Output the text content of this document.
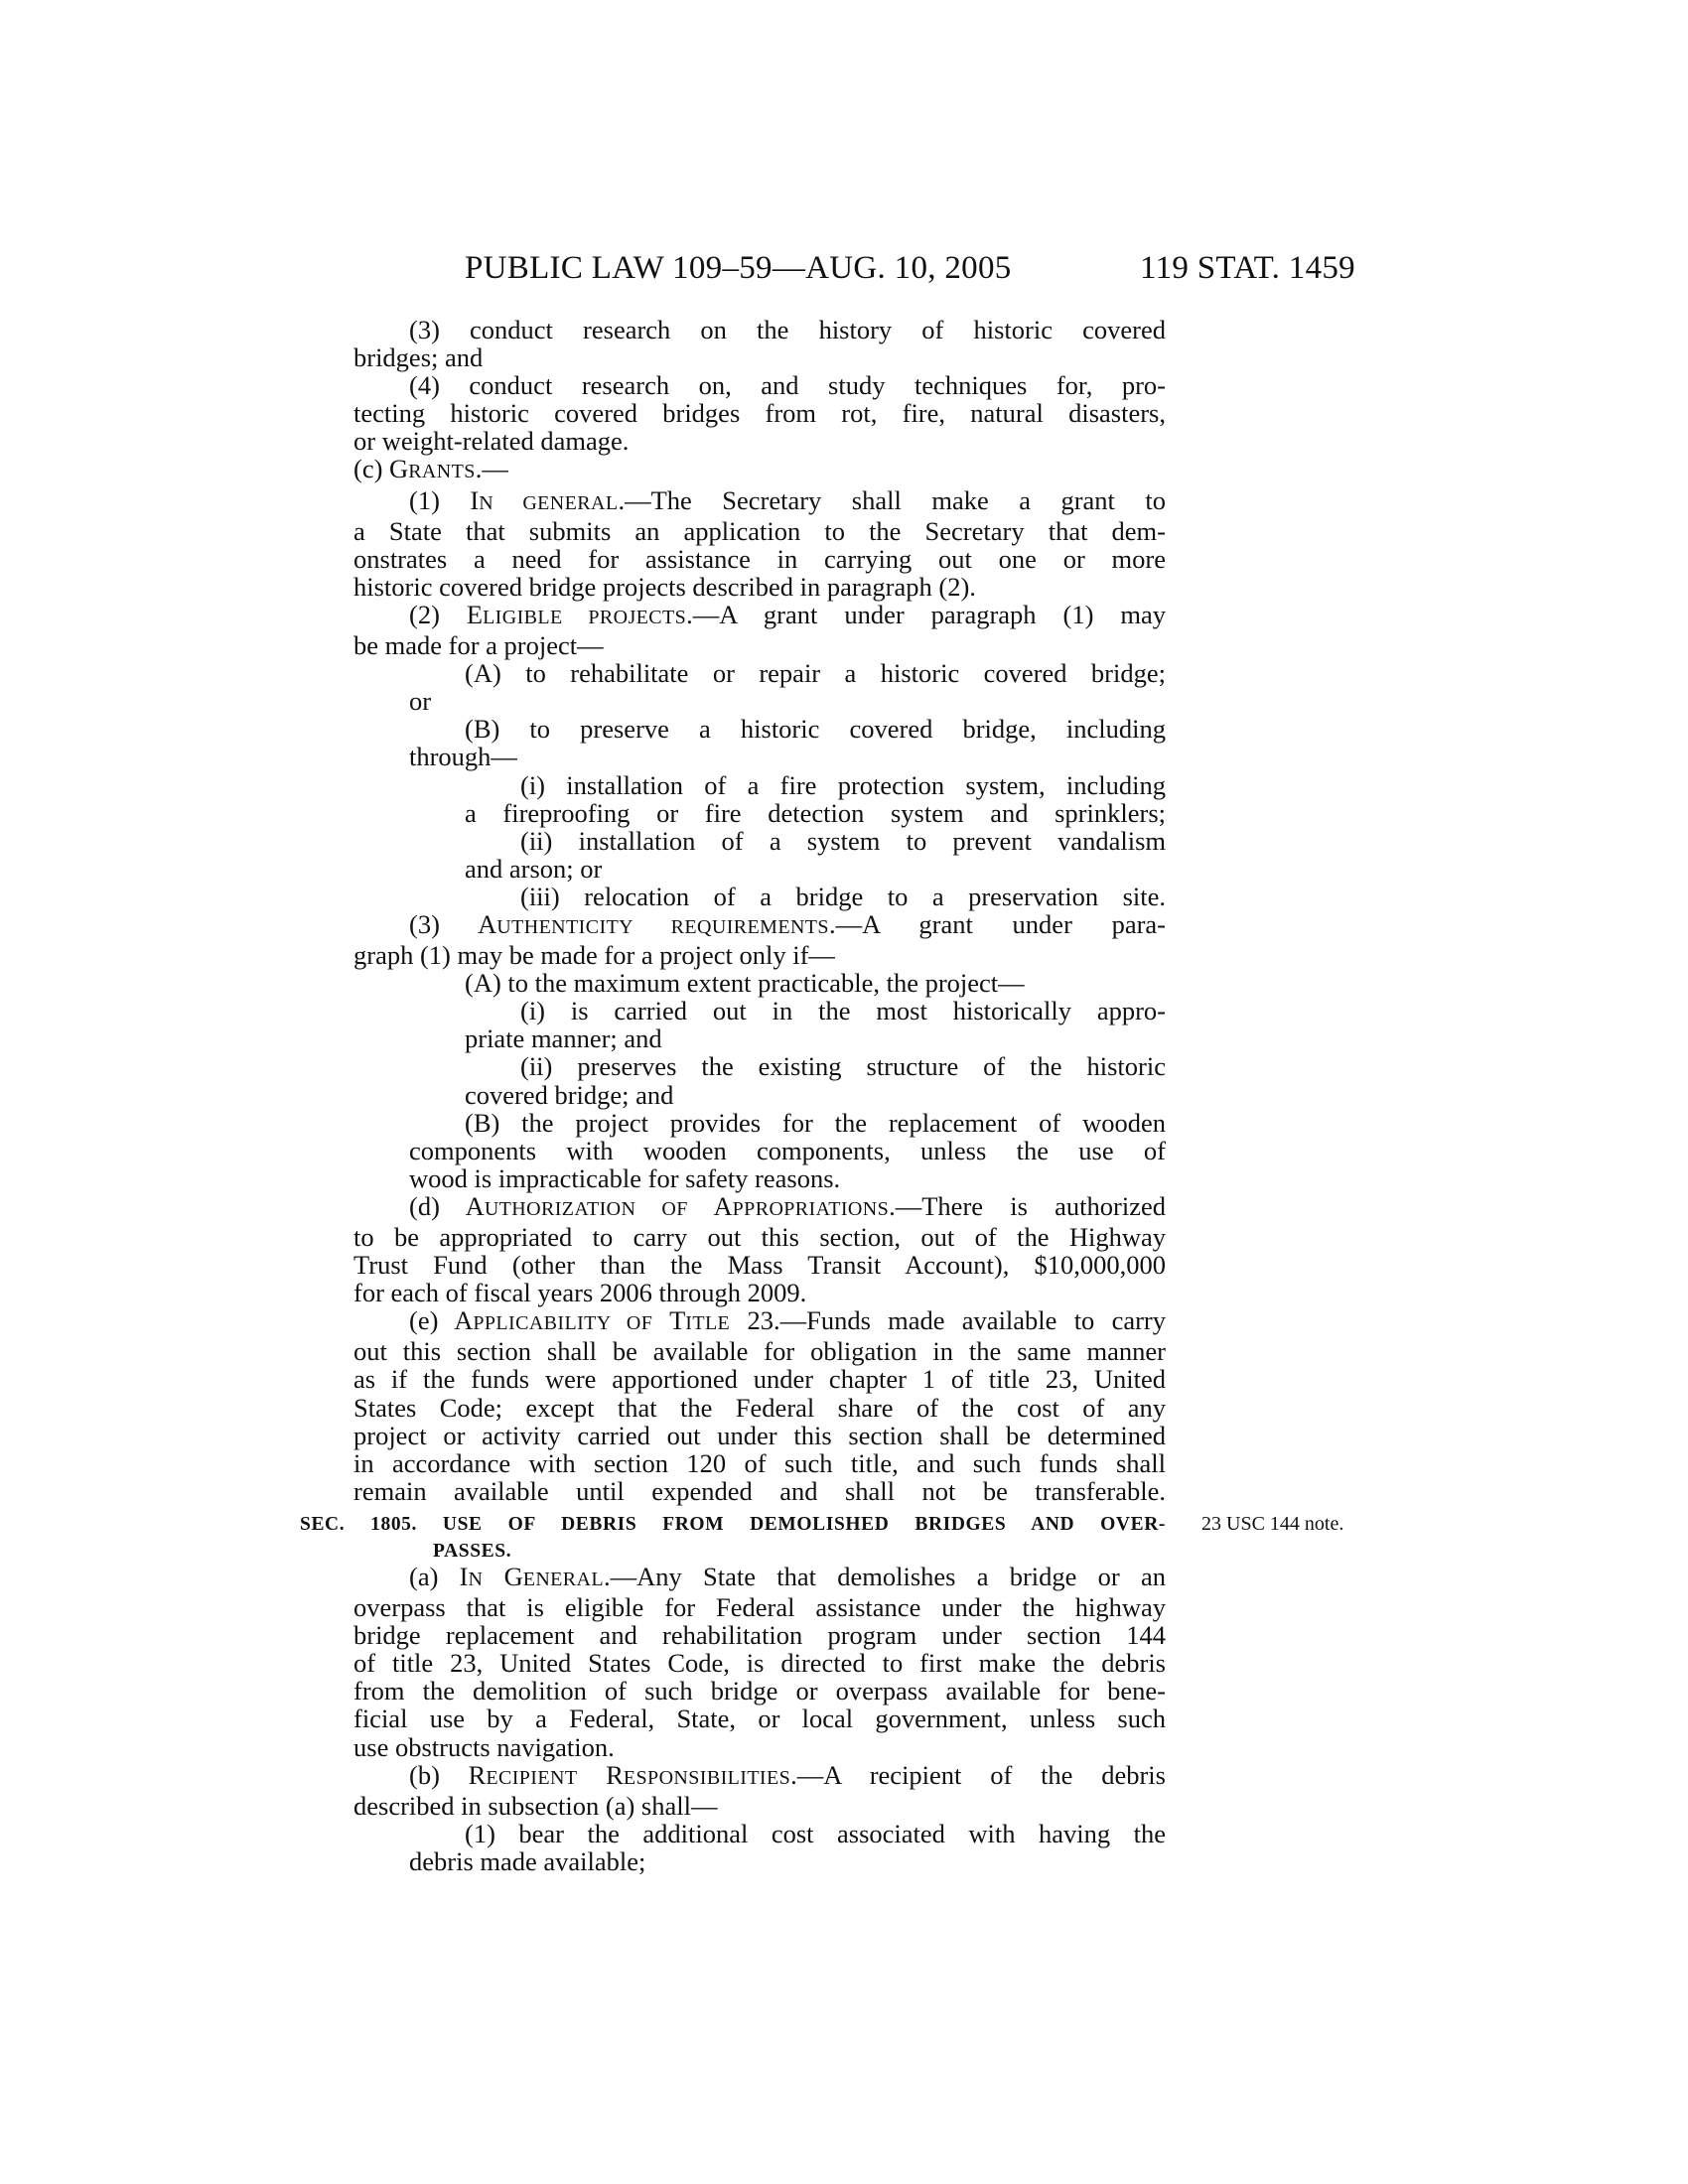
PUBLIC LAW 109–59—AUG. 10, 2005	119 STAT. 1459
(3) conduct research on the history of historic covered
bridges; and
(4) conduct research on, and study techniques for, pro-
tecting historic covered bridges from rot, fire, natural disasters,
or weight-related damage.
(c) GRANTS.—
(1) IN GENERAL.—The Secretary shall make a grant to
a State that submits an application to the Secretary that dem-
onstrates a need for assistance in carrying out one or more
historic covered bridge projects described in paragraph (2).
(2) ELIGIBLE PROJECTS.—A grant under paragraph (1) may
be made for a project—
(A) to rehabilitate or repair a historic covered bridge;
or
(B) to preserve a historic covered bridge, including
through—
(i) installation of a fire protection system, including
a fireproofing or fire detection system and sprinklers;
(ii) installation of a system to prevent vandalism
and arson; or
(iii) relocation of a bridge to a preservation site.
(3) AUTHENTICITY REQUIREMENTS.—A grant under para-
graph (1) may be made for a project only if—
(A) to the maximum extent practicable, the project—
(i) is carried out in the most historically appro-
priate manner; and
(ii) preserves the existing structure of the historic
covered bridge; and
(B) the project provides for the replacement of wooden
components with wooden components, unless the use of
wood is impracticable for safety reasons.
(d) AUTHORIZATION OF APPROPRIATIONS.—There is authorized
to be appropriated to carry out this section, out of the Highway
Trust Fund (other than the Mass Transit Account), $10,000,000
for each of fiscal years 2006 through 2009.
(e) APPLICABILITY OF TITLE 23.—Funds made available to carry
out this section shall be available for obligation in the same manner
as if the funds were apportioned under chapter 1 of title 23, United
States Code; except that the Federal share of the cost of any
project or activity carried out under this section shall be determined
in accordance with section 120 of such title, and such funds shall
remain available until expended and shall not be transferable.
SEC. 1805. USE OF DEBRIS FROM DEMOLISHED BRIDGES AND OVER-
PASSES.
23 USC 144 note.
(a) IN GENERAL.—Any State that demolishes a bridge or an
overpass that is eligible for Federal assistance under the highway
bridge replacement and rehabilitation program under section 144
of title 23, United States Code, is directed to first make the debris
from the demolition of such bridge or overpass available for bene-
ficial use by a Federal, State, or local government, unless such
use obstructs navigation.
(b) RECIPIENT RESPONSIBILITIES.—A recipient of the debris
described in subsection (a) shall—
(1) bear the additional cost associated with having the
debris made available;
